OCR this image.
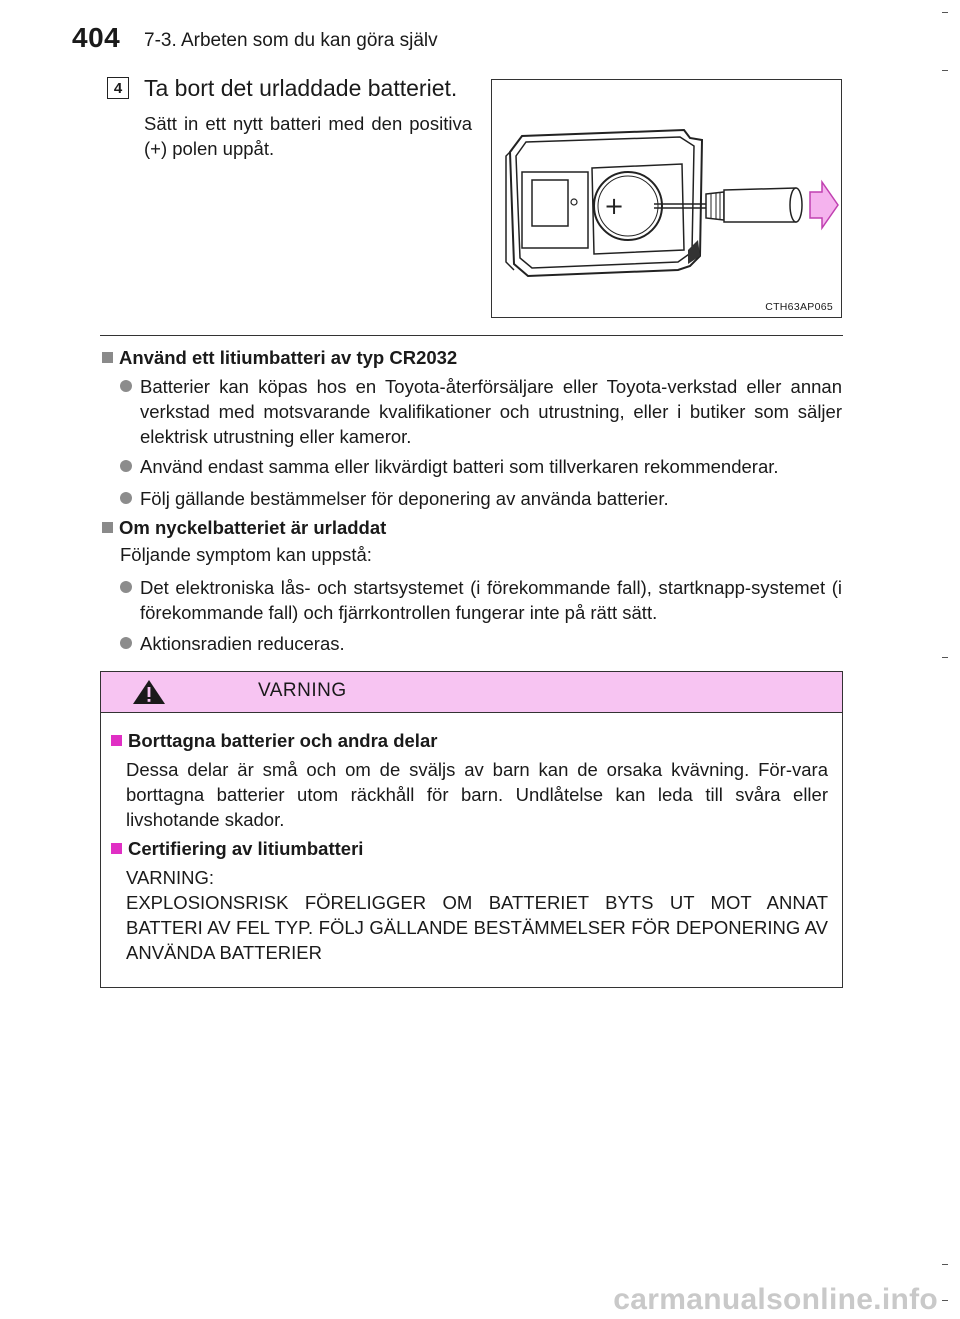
404 7-3. Arbeten som du kan göra själv
4 Ta bort det urladdade batteriet.
Sätt in ett nytt batteri med den positiva (+) polen uppåt.
+
CTH63AP065
Använd ett litiumbatteri av typ CR2032
Batterier kan köpas hos en Toyota-återförsäljare eller Toyota-verkstad eller annan verkstad med motsvarande kvalifikationer och utrustning, eller i butiker som säljer elektrisk utrustning eller kameror.
Använd endast samma eller likvärdigt batteri som tillverkaren rekommenderar.
Följ gällande bestämmelser för deponering av använda batterier.
Om nyckelbatteriet är urladdat
Följande symptom kan uppstå:
Det elektroniska lås- och startsystemet (i förekommande fall), startknapp-systemet (i förekommande fall) och fjärrkontrollen fungerar inte på rätt sätt.
Aktionsradien reduceras.
VARNING
Borttagna batterier och andra delar
Dessa delar är små och om de sväljs av barn kan de orsaka kvävning. För-vara borttagna batterier utom räckhåll för barn. Undlåtelse kan leda till svåra eller livshotande skador.
Certifiering av litiumbatteri
VARNING:
EXPLOSIONSRISK FÖRELIGGER OM BATTERIET BYTS UT MOT ANNAT BATTERI AV FEL TYP. FÖLJ GÄLLANDE BESTÄMMELSER FÖR DEPONERING AV ANVÄNDA BATTERIER
carmanualsonline.info
